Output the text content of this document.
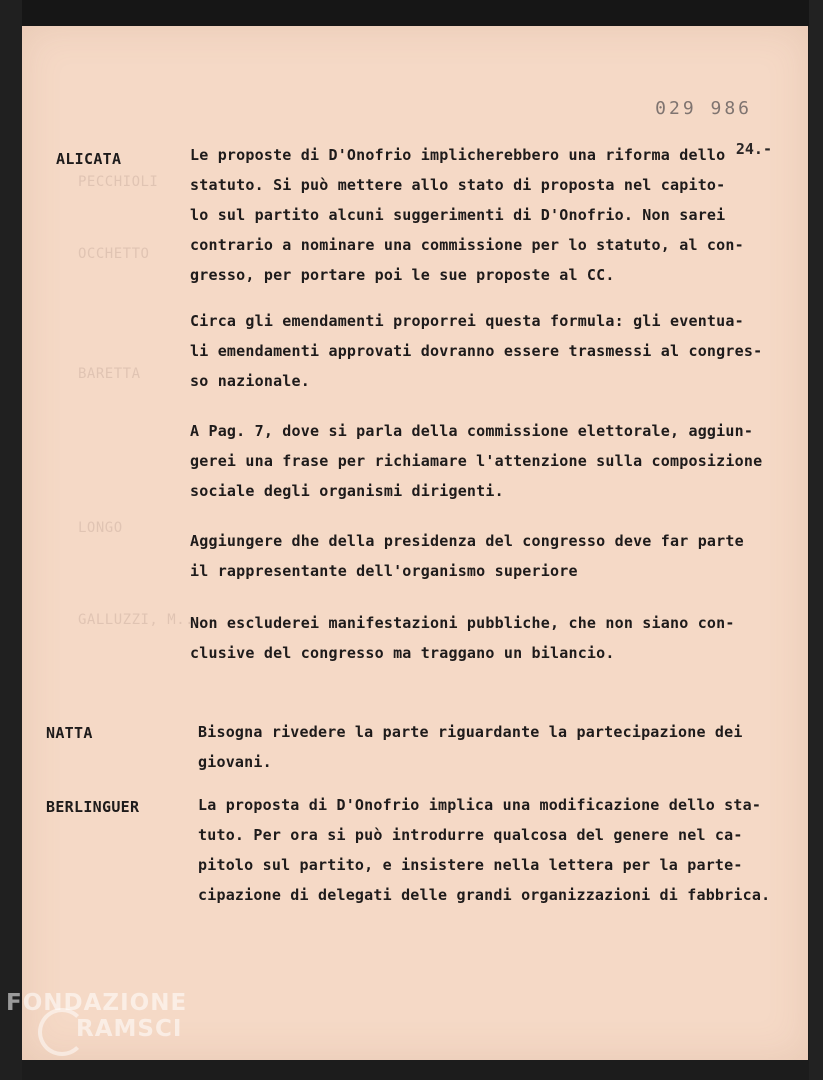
PECCHIOLI
OCCHETTO
BARETTA
LONGO
GALLUZZI, M...
029 986
24.-
ALICATA	Le proposte di D'Onofrio implicherebbero una riforma dello
statuto. Si può mettere allo stato di proposta nel capito-
lo sul partito alcuni suggerimenti di D'Onofrio. Non sarei
contrario a nominare una commissione per lo statuto, al con-
gresso, per portare poi le sue proposte al CC.
Circa gli emendamenti proporrei questa formula: gli eventua-
li emendamenti approvati dovranno essere trasmessi al congres-
so nazionale.
A Pag. 7, dove si parla della commissione elettorale, aggiun-
gerei una frase per richiamare l'attenzione sulla composizione
sociale degli organismi dirigenti.
Aggiungere dhe della presidenza del congresso deve far parte
il rappresentante dell'organismo superiore
Non escluderei manifestazioni pubbliche, che non siano con-
clusive del congresso ma traggano un bilancio.
NATTA	Bisogna rivedere la parte riguardante la partecipazione dei
giovani.
BERLINGUER	La proposta di D'Onofrio implica una modificazione dello sta-
tuto. Per ora si può introdurre qualcosa del genere nel ca-
pitolo sul partito, e insistere nella lettera per la parte-
cipazione di delegati delle grandi organizzazioni di fabbrica.
FONDAZIONE
RAMSCI
